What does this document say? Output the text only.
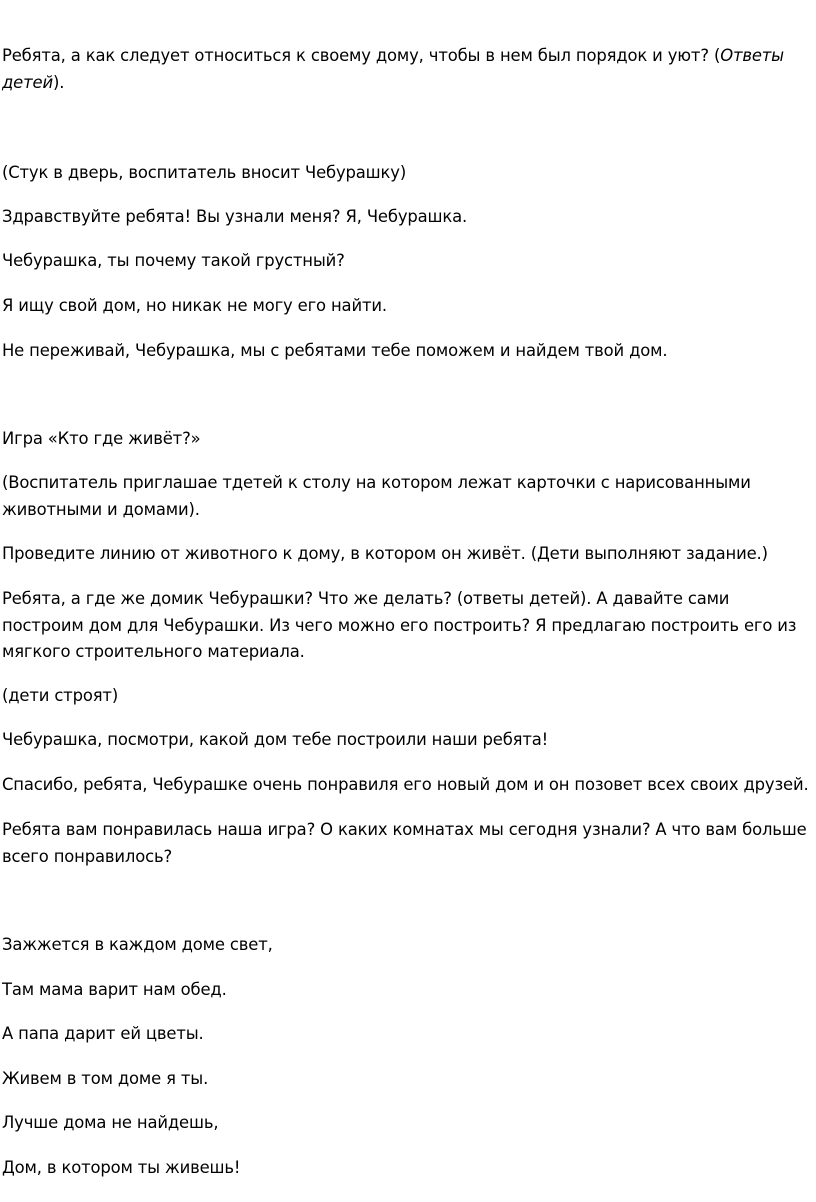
Ребята, а как следует относиться к своему дому, чтобы в нем был порядок и уют? (Ответы детей).

(Стук в дверь, воспитатель вносит Чебурашку)

Здравствуйте ребята! Вы узнали меня? Я, Чебурашка.

Чебурашка, ты почему такой грустный?

Я ищу свой дом, но никак не могу его найти.

Не переживай, Чебурашка, мы с ребятами тебе поможем и найдем твой дом.

Игра «Кто где живёт?»

(Воспитатель приглашае тдетей к столу на котором лежат карточки с нарисованными животными и домами).

Проведите линию от животного к дому, в котором он живёт. (Дети выполняют задание.)

Ребята, а где же домик Чебурашки? Что же делать? (ответы детей). А давайте сами построим дом для Чебурашки. Из чего можно его построить? Я предлагаю построить его из мягкого строительного материала.

(дети строят)

Чебурашка, посмотри, какой дом тебе построили наши ребята!

Спасибо, ребята, Чебурашке очень понравиля его новый дом и он позовет всех своих друзей.

Ребята вам понравилась наша игра? О каких комнатах мы сегодня узнали? А что вам больше всего понравилось?

Зажжется в каждом доме свет,

Там мама варит нам обед.

А папа дарит ей цветы.

Живем в том доме я ты.

Лучше дома не найдешь,

Дом, в котором ты живешь!
